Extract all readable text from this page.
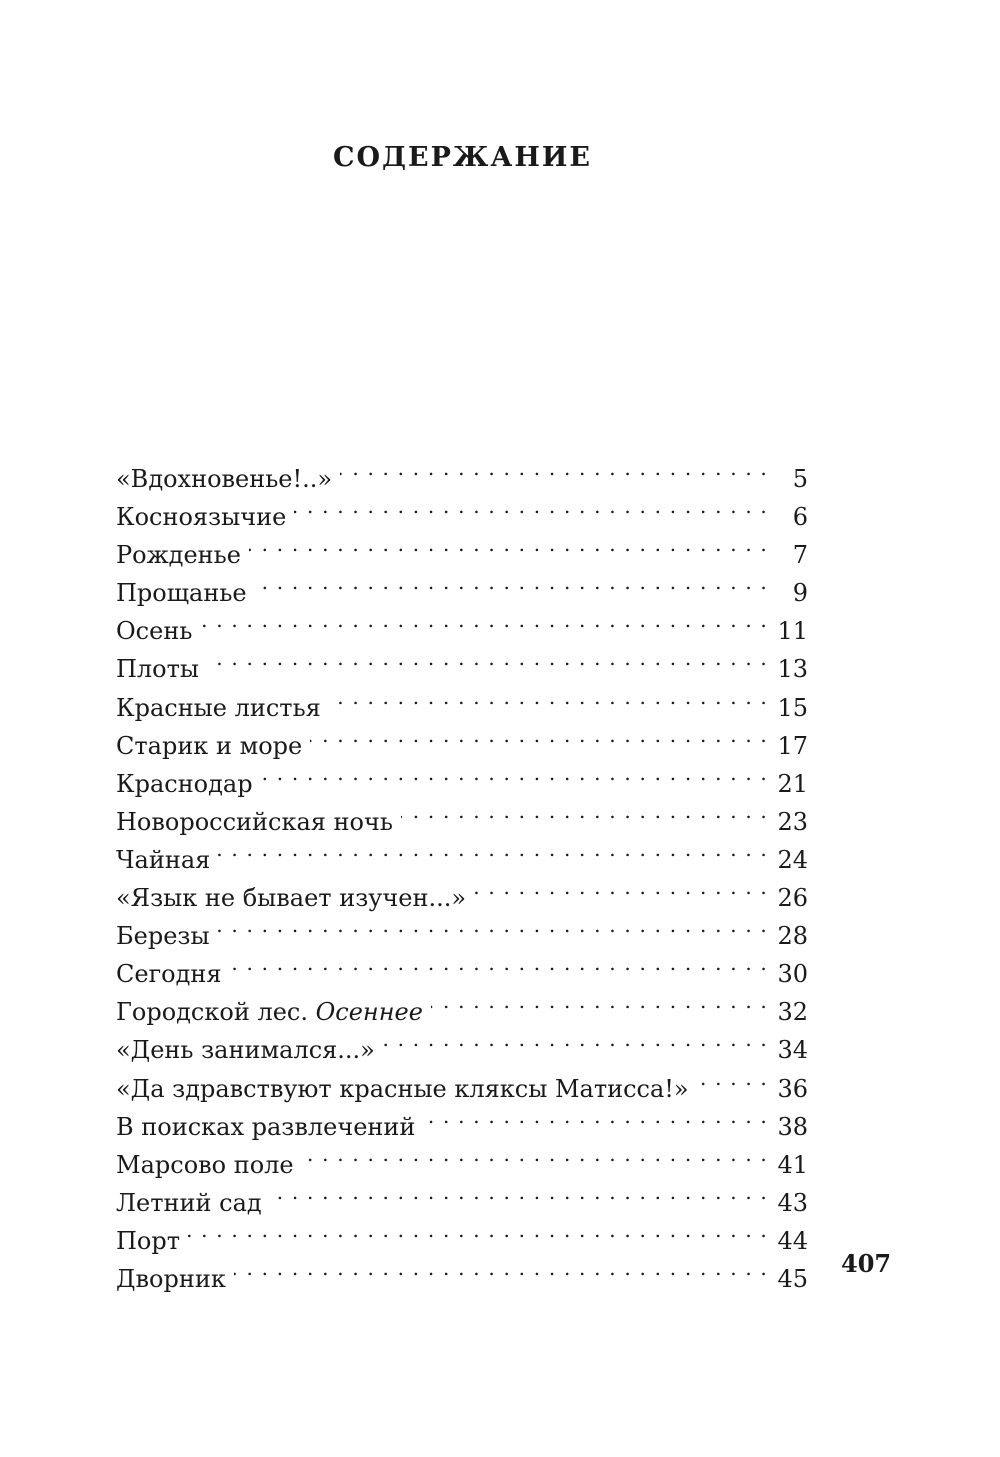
СОДЕРЖАНИЕ
«Вдохновенье!..» . . .	5
Косноязычие . . .	6
Рожденье . . .	7
Прощанье . . .	9
Осень . . .	11
Плоты . . .	13
Красные листья . . .	15
Старик и море . . .	17
Краснодар . . .	21
Новороссийская ночь . . .	23
Чайная . . .	24
«Язык не бывает изучен...» . . .	26
Березы . . .	28
Сегодня . . .	30
Городской лес. Осеннее . . .	32
«День занимался...» . . .	34
«Да здравствуют красные кляксы Матисса!» . . .	36
В поисках развлечений . . .	38
Марсово поле . . .	41
Летний сад . . .	43
Порт . . .	44
Дворник . . .	45
407
